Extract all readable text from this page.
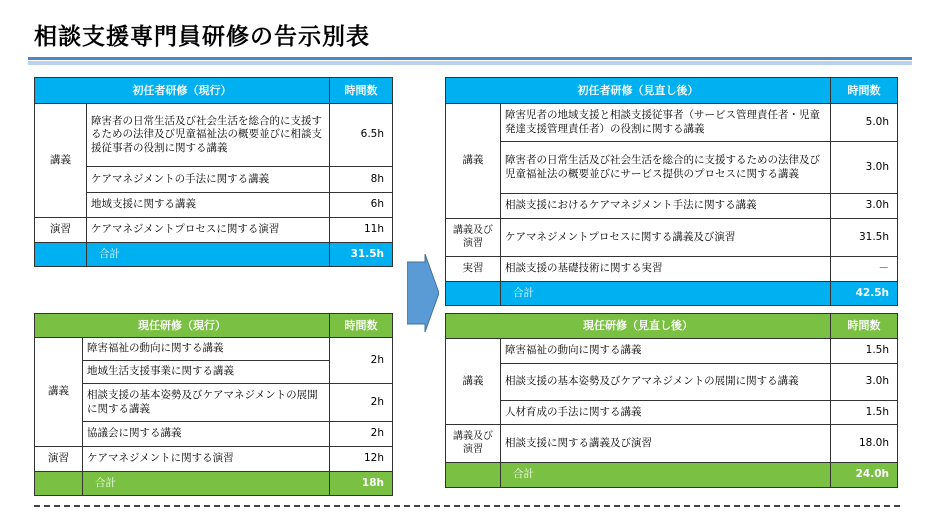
相談支援専門員研修の告示別表
初任者研修（現行）		時間数
講義	障害者の日常生活及び社会生活を総合的に支援するための法律及び児童福祉法の概要並びに相談支援従事者の役割に関する講義	6.5h
	ケアマネジメントの手法に関する講義	8h
	地域支援に関する講義	6h
演習	ケアマネジメントプロセスに関する演習	11h
	合計	31.5h
現任研修（現行）		時間数
講義	障害福祉の動向に関する講義	2h
	地域生活支援事業に関する講義	
	相談支援の基本姿勢及びケアマネジメントの展開に関する講義	2h
	協議会に関する講義	2h
演習	ケアマネジメントに関する演習	12h
	合計	18h
初任者研修（見直し後）		時間数
講義	障害児者の地域支援と相談支援従事者（サービス管理責任者・児童発達支援管理責任者）の役割に関する講義	5.0h
	障害者の日常生活及び社会生活を総合的に支援するための法律及び児童福祉法の概要並びにサービス提供のプロセスに関する講義	3.0h
	相談支援におけるケアマネジメント手法に関する講義	3.0h
講義及び演習	ケアマネジメントプロセスに関する講義及び演習	31.5h
実習	相談支援の基礎技術に関する実習	－
	合計	42.5h
現任研修（見直し後）		時間数
講義	障害福祉の動向に関する講義	1.5h
	相談支援の基本姿勢及びケアマネジメントの展開に関する講義	3.0h
	人材育成の手法に関する講義	1.5h
講義及び演習	相談支援に関する講義及び演習	18.0h
	合計	24.0h
